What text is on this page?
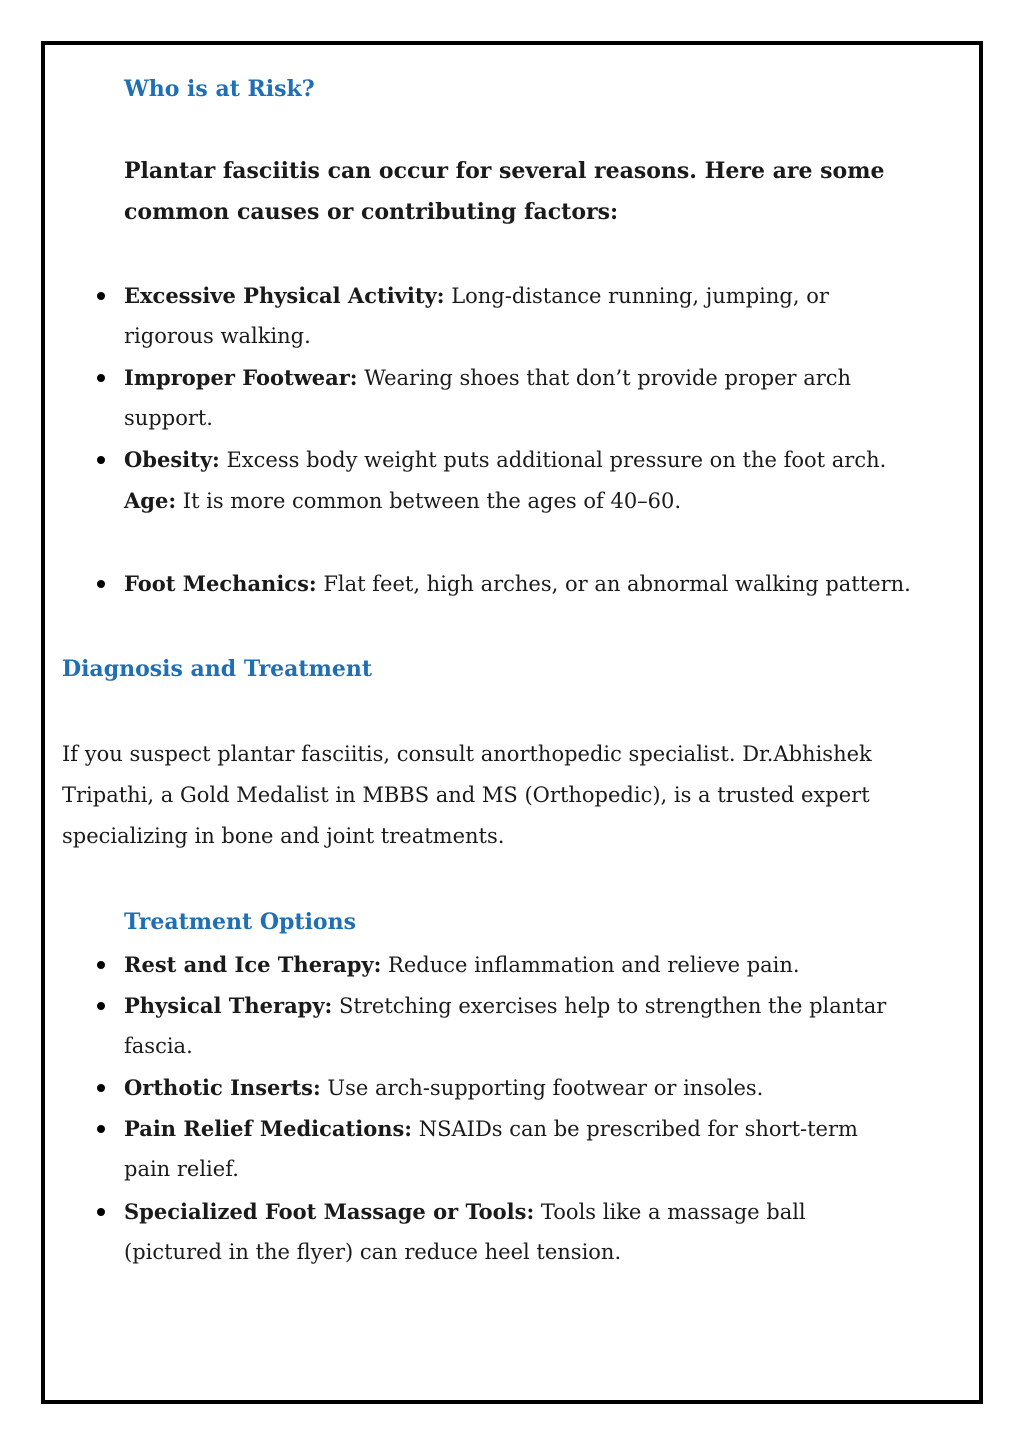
Who is at Risk?
Plantar fasciitis can occur for several reasons. Here are some
common causes or contributing factors:
Excessive Physical Activity: Long-distance running, jumping, or
rigorous walking.
Improper Footwear: Wearing shoes that don’t provide proper arch
support.
Obesity: Excess body weight puts additional pressure on the foot arch.
Age: It is more common between the ages of 40–60.
Foot Mechanics: Flat feet, high arches, or an abnormal walking pattern.
Diagnosis and Treatment
If you suspect plantar fasciitis, consult anorthopedic specialist. Dr.Abhishek
Tripathi, a Gold Medalist in MBBS and MS (Orthopedic), is a trusted expert
specializing in bone and joint treatments.
Treatment Options
Rest and Ice Therapy: Reduce inflammation and relieve pain.
Physical Therapy: Stretching exercises help to strengthen the plantar
fascia.
Orthotic Inserts: Use arch-supporting footwear or insoles.
Pain Relief Medications: NSAIDs can be prescribed for short-term
pain relief.
Specialized Foot Massage or Tools: Tools like a massage ball
(pictured in the flyer) can reduce heel tension.
